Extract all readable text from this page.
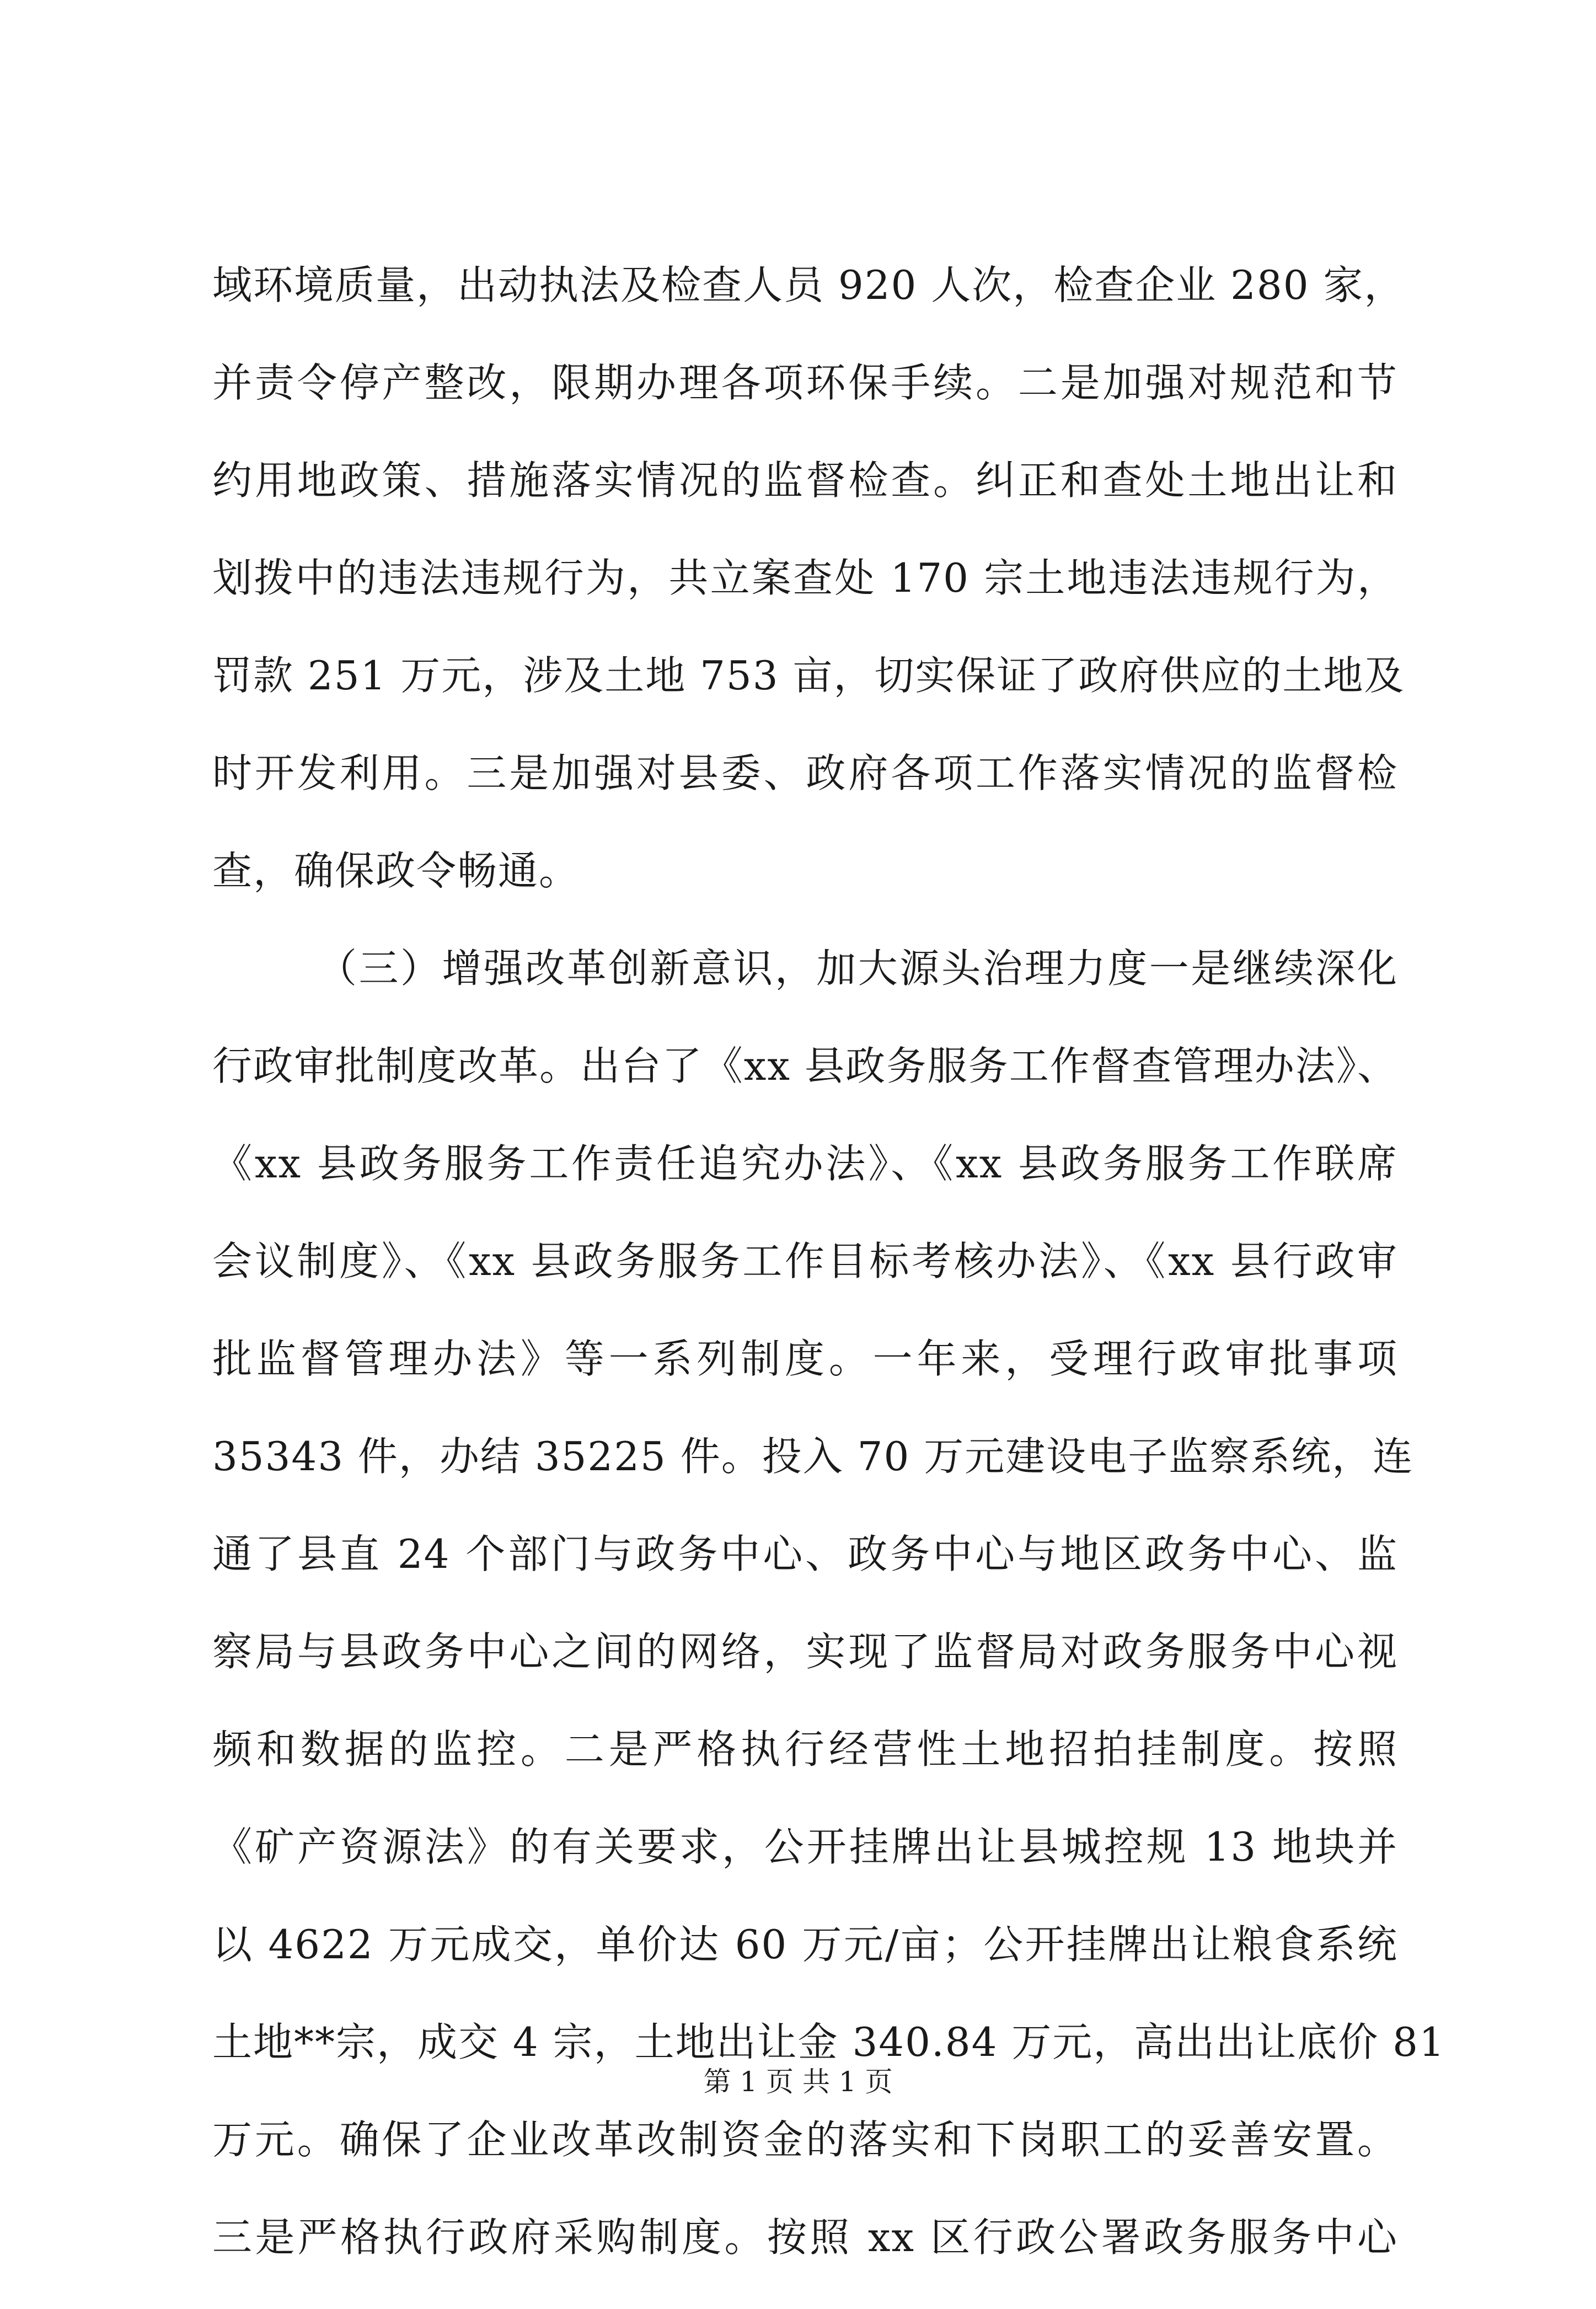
域环境质量，出动执法及检查人员 920 人次，检查企业 280 家，
并责令停产整改，限期办理各项环保手续。二是加强对规范和节
约用地政策、措施落实情况的监督检查。纠正和查处土地出让和
划拨中的违法违规行为，共立案查处 170 宗土地违法违规行为，
罚款 251 万元，涉及土地 753 亩，切实保证了政府供应的土地及
时开发利用。三是加强对县委、政府各项工作落实情况的监督检
查，确保政令畅通。
（三）增强改革创新意识，加大源头治理力度一是继续深化
行政审批制度改革。出台了《xx 县政务服务工作督查管理办法》、
《xx 县政务服务工作责任追究办法》、《xx 县政务服务工作联席
会议制度》、《xx 县政务服务工作目标考核办法》、《xx 县行政审
批监督管理办法》等一系列制度。一年来，受理行政审批事项
35343 件，办结 35225 件。投入 70 万元建设电子监察系统，连
通了县直 24 个部门与政务中心、政务中心与地区政务中心、监
察局与县政务中心之间的网络，实现了监督局对政务服务中心视
频和数据的监控。二是严格执行经营性土地招拍挂制度。按照
《矿产资源法》的有关要求，公开挂牌出让县城控规 13 地块并
以 4622 万元成交，单价达 60 万元/亩；公开挂牌出让粮食系统
土地**宗，成交 4 宗，土地出让金 340.84 万元，高出出让底价 81
万元。确保了企业改革改制资金的落实和下岗职工的妥善安置。
三是严格执行政府采购制度。按照 xx 区行政公署政务服务中心
第 1 页 共 1 页
